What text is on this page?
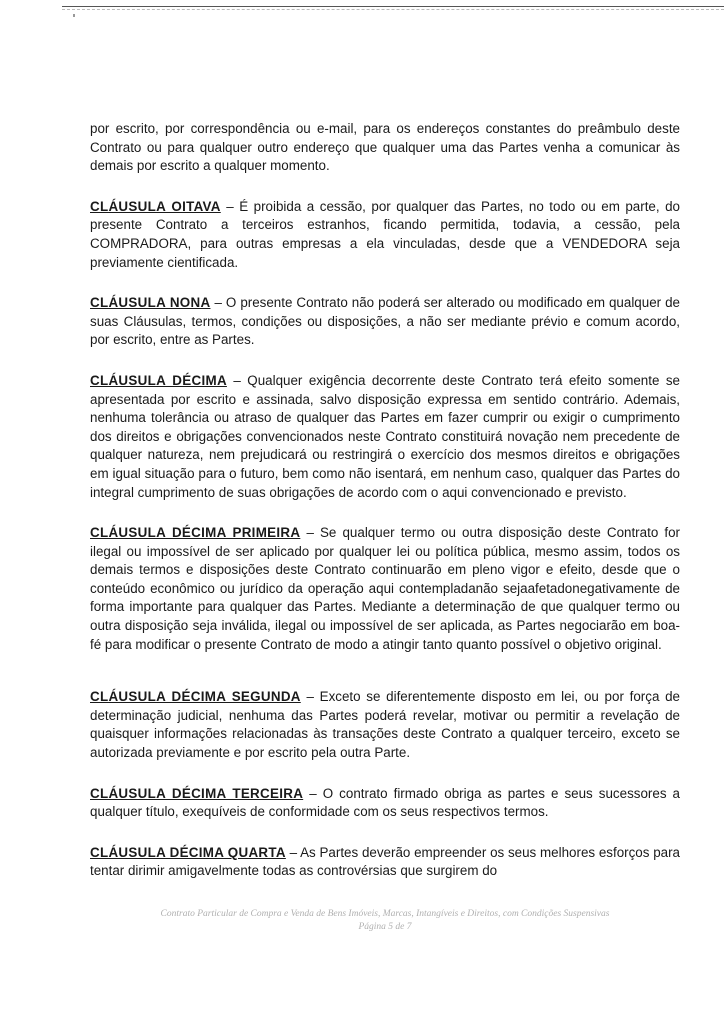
por escrito, por correspondência ou e-mail, para os endereços constantes do preâmbulo deste Contrato ou para qualquer outro endereço que qualquer uma das Partes venha a comunicar às demais por escrito a qualquer momento.

CLÁUSULA OITAVA – É proibida a cessão, por qualquer das Partes, no todo ou em parte, do presente Contrato a terceiros estranhos, ficando permitida, todavia, a cessão, pela COMPRADORA, para outras empresas a ela vinculadas, desde que a VENDEDORA seja previamente cientificada.

CLÁUSULA NONA – O presente Contrato não poderá ser alterado ou modificado em qualquer de suas Cláusulas, termos, condições ou disposições, a não ser mediante prévio e comum acordo, por escrito, entre as Partes.

CLÁUSULA DÉCIMA – Qualquer exigência decorrente deste Contrato terá efeito somente se apresentada por escrito e assinada, salvo disposição expressa em sentido contrário. Ademais, nenhuma tolerância ou atraso de qualquer das Partes em fazer cumprir ou exigir o cumprimento dos direitos e obrigações convencionados neste Contrato constituirá novação nem precedente de qualquer natureza, nem prejudicará ou restringirá o exercício dos mesmos direitos e obrigações em igual situação para o futuro, bem como não isentará, em nenhum caso, qualquer das Partes do integral cumprimento de suas obrigações de acordo com o aqui convencionado e previsto.

CLÁUSULA DÉCIMA PRIMEIRA – Se qualquer termo ou outra disposição deste Contrato for ilegal ou impossível de ser aplicado por qualquer lei ou política pública, mesmo assim, todos os demais termos e disposições deste Contrato continuarão em pleno vigor e efeito, desde que o conteúdo econômico ou jurídico da operação aqui contempladanão sejaafetadonegativamente de forma importante para qualquer das Partes. Mediante a determinação de que qualquer termo ou outra disposição seja inválida, ilegal ou impossível de ser aplicada, as Partes negociarão em boa-fé para modificar o presente Contrato de modo a atingir tanto quanto possível o objetivo original.

CLÁUSULA DÉCIMA SEGUNDA – Exceto se diferentemente disposto em lei, ou por força de determinação judicial, nenhuma das Partes poderá revelar, motivar ou permitir a revelação de quaisquer informações relacionadas às transações deste Contrato a qualquer terceiro, exceto se autorizada previamente e por escrito pela outra Parte.

CLÁUSULA DÉCIMA TERCEIRA – O contrato firmado obriga as partes e seus sucessores a qualquer título, exequíveis de conformidade com os seus respectivos termos.

CLÁUSULA DÉCIMA QUARTA – As Partes deverão empreender os seus melhores esforços para tentar dirimir amigavelmente todas as controvérsias que surgirem do

Contrato Particular de Compra e Venda de Bens Imóveis, Marcas, Intangíveis e Direitos, com Condições Suspensivas
Página 5 de 7
